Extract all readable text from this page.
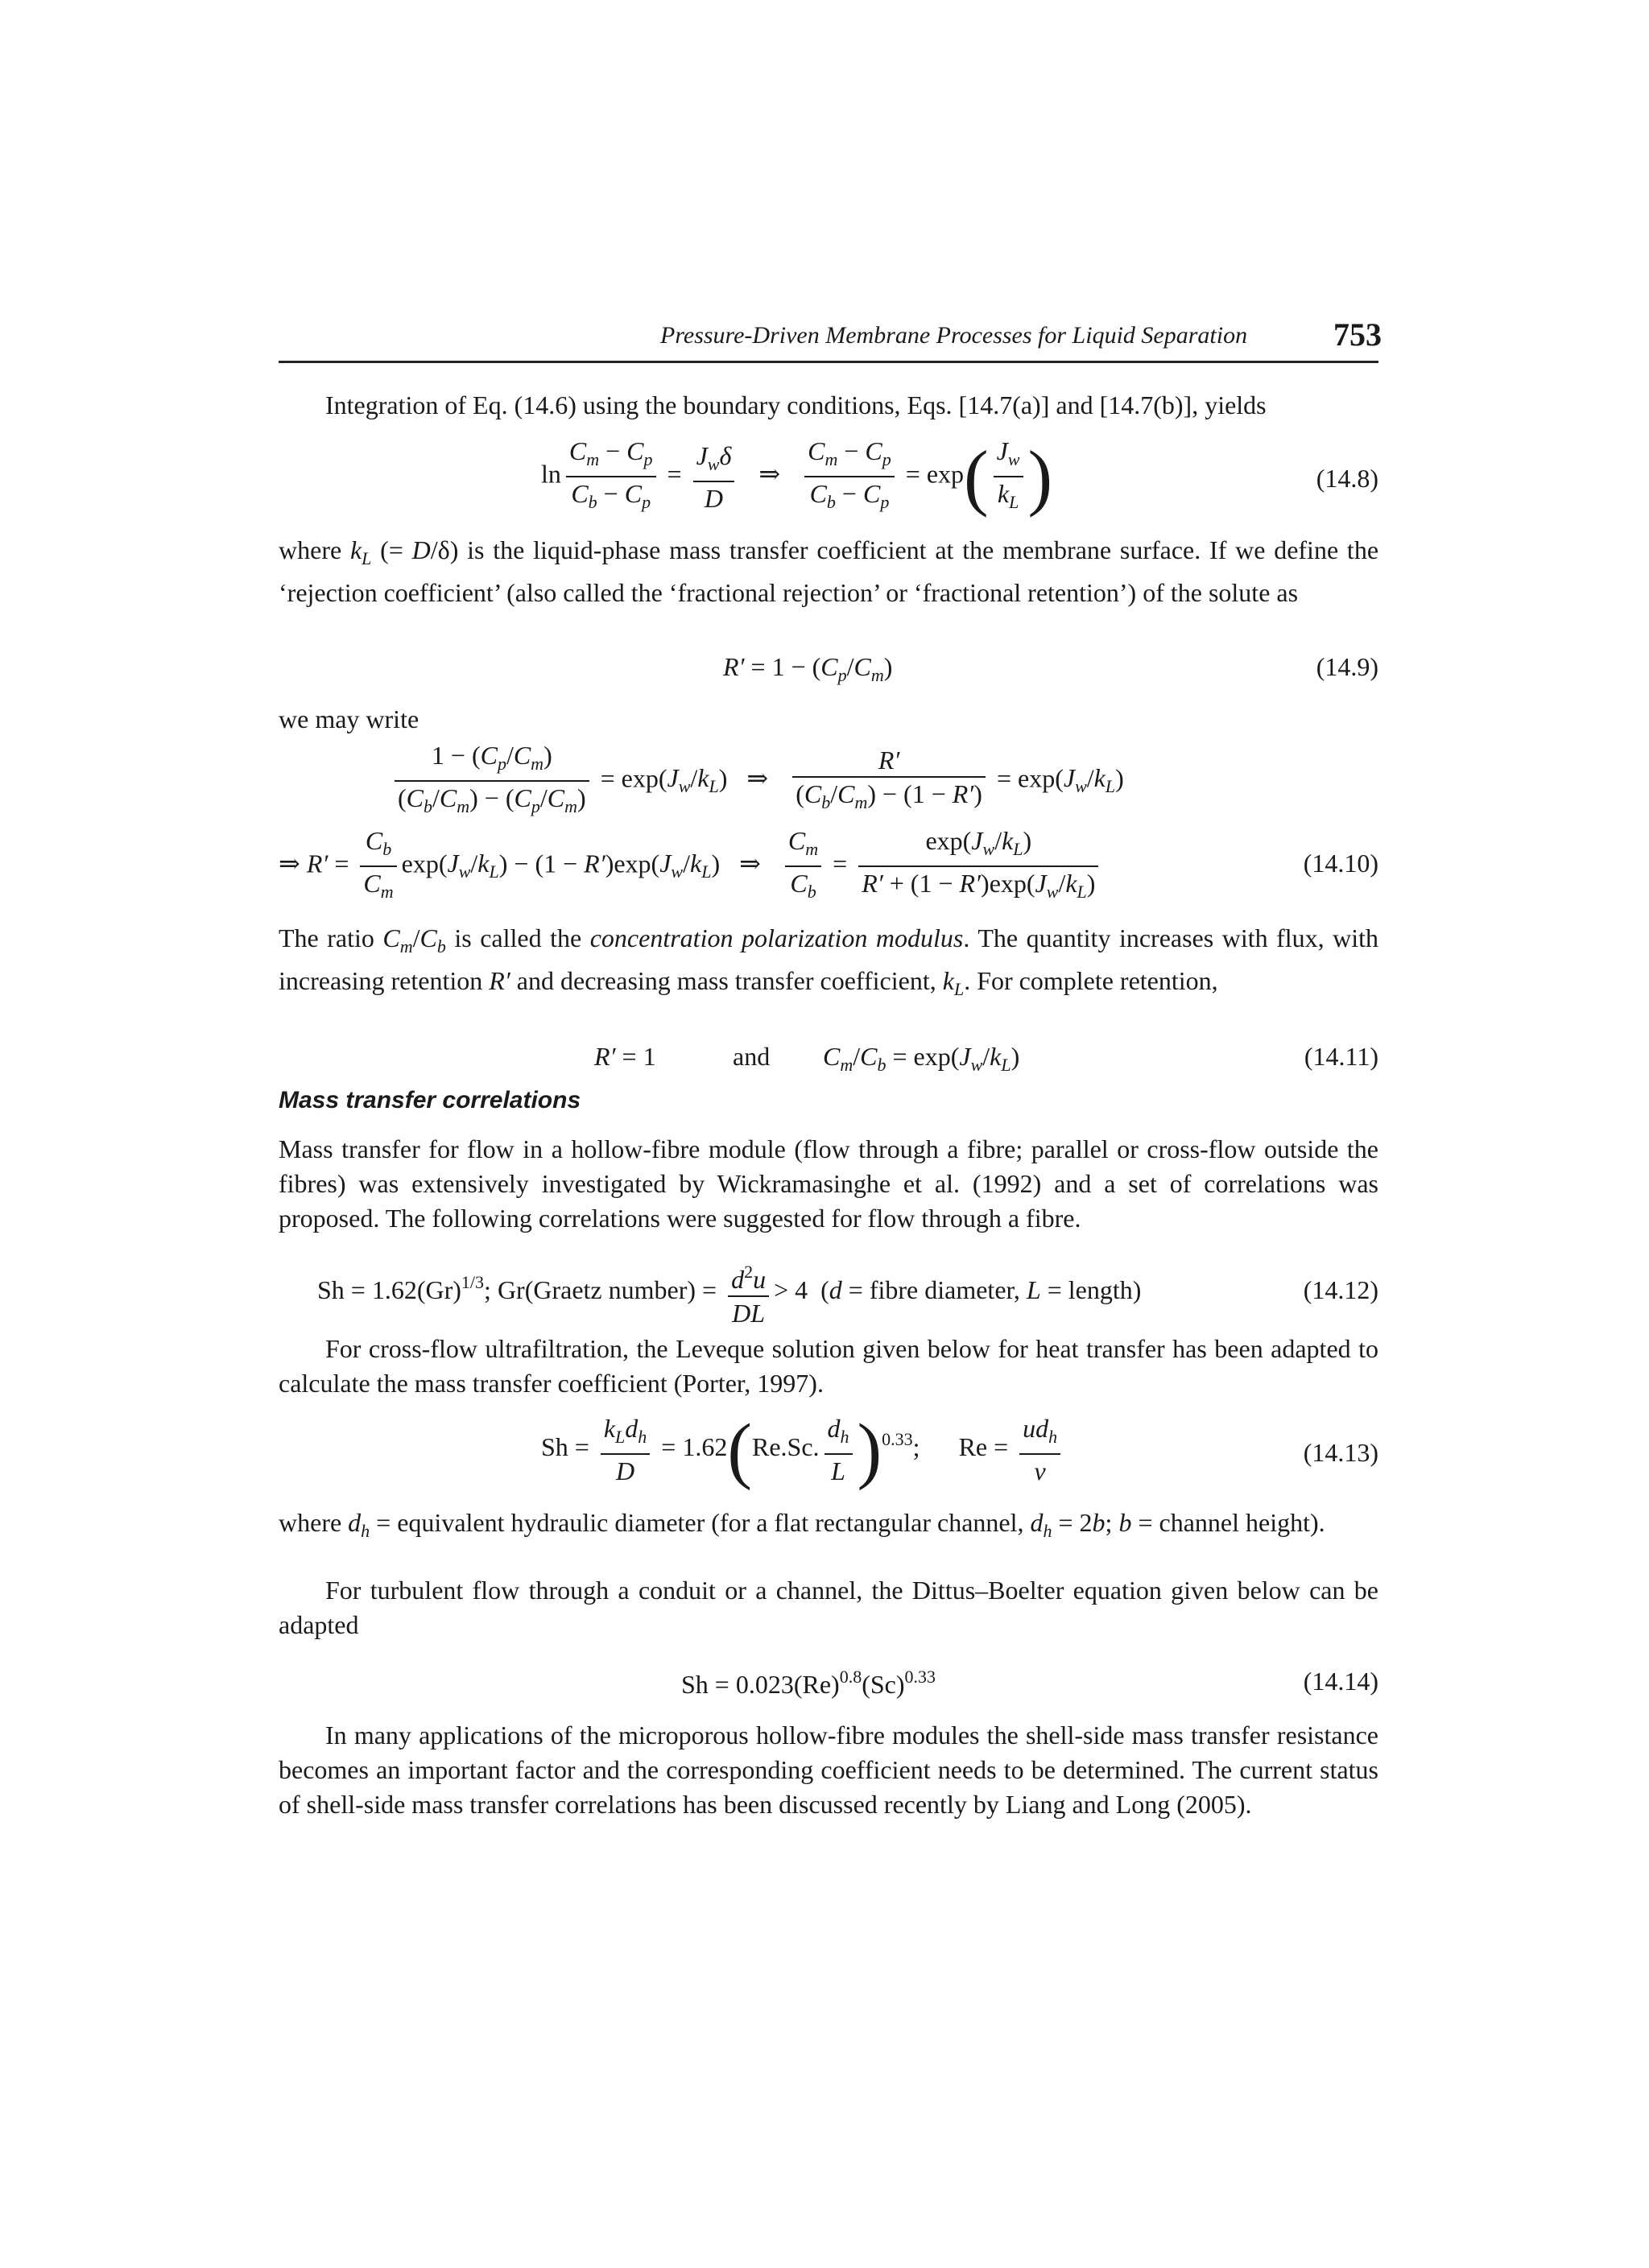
Pressure-Driven Membrane Processes for Liquid Separation	753
Integration of Eq. (14.6) using the boundary conditions, Eqs. [14.7(a)] and [14.7(b)], yields
$\ln \frac{C_m - C_p}{C_b - C_p} = \frac{J_w\delta}{D}$ ⇒ $\frac{C_m - C_p}{C_b - C_p} = \exp( \frac{J_w}{k_L}$ )	(14.8)
where $k_L$ (= D/δ) is the liquid-phase mass transfer coefficient at the membrane surface. If we define the ‘rejection coefficient’ (also called the ‘fractional rejection’ or ‘fractional retention’) of the solute as
$R' = 1 - (C_p/C_m)$	(14.9)
we may write
$\frac{1 - (C_p/C_m)}{(C_b/C_m) - (C_p/C_m)} = \exp(J_w/k_L)$   ⇒ $\frac{R'}{(C_b/C_m) - (1 - R')} = \exp(J_w/k_L)$
⇒ $R' = \frac{C_b}{C_m} \exp(J_w/k_L) - (1 - R')\exp(J_w/k_L)$   ⇒ $\frac{C_m}{C_b} = \frac{\exp(J_w/k_L)}{R' + (1 - R')\exp(J_w/k_L)}$	(14.10)
The ratio $C_m/C_b$ is called the concentration polarization modulus. The quantity increases with flux, with increasing retention R′ and decreasing mass transfer coefficient, $k_L$. For complete retention,
R′ = 1	and $C_m/C_b = \exp(J_w/k_L)$	(14.11)
Mass transfer correlations
Mass transfer for flow in a hollow-fibre module (flow through a fibre; parallel or cross-flow outside the fibres) was extensively investigated by Wickramasinghe et al. (1992) and a set of correlations was proposed. The following correlations were suggested for flow through a fibre.
$Sh = 1.62(Gr)^{1/3}$; Gr(Graetz number) = $\frac{d^2u}{DL} > 4$  (d = fibre diameter, L = length)	(14.12)
For cross-flow ultrafiltration, the Leveque solution given below for heat transfer has been adapted to calculate the mass transfer coefficient (Porter, 1997).
$Sh = \frac{k_Ld_h}{D} = 1.62(Re.Sc$. $\frac{d_h}{L} )^{0.33}$;      $Re = \frac{ud_h}{\nu}$	(14.13)
where $d_h$ = equivalent hydraulic diameter (for a flat rectangular channel, $d_h = 2b$; b = channel height).
For turbulent flow through a conduit or a channel, the Dittus–Boelter equation given below can be adapted
$Sh = 0.023(Re)^{0.8}(Sc)^{0.33}$	(14.14)
In many applications of the microporous hollow-fibre modules the shell-side mass transfer resistance becomes an important factor and the corresponding coefficient needs to be determined. The current status of shell-side mass transfer correlations has been discussed recently by Liang and Long (2005).
